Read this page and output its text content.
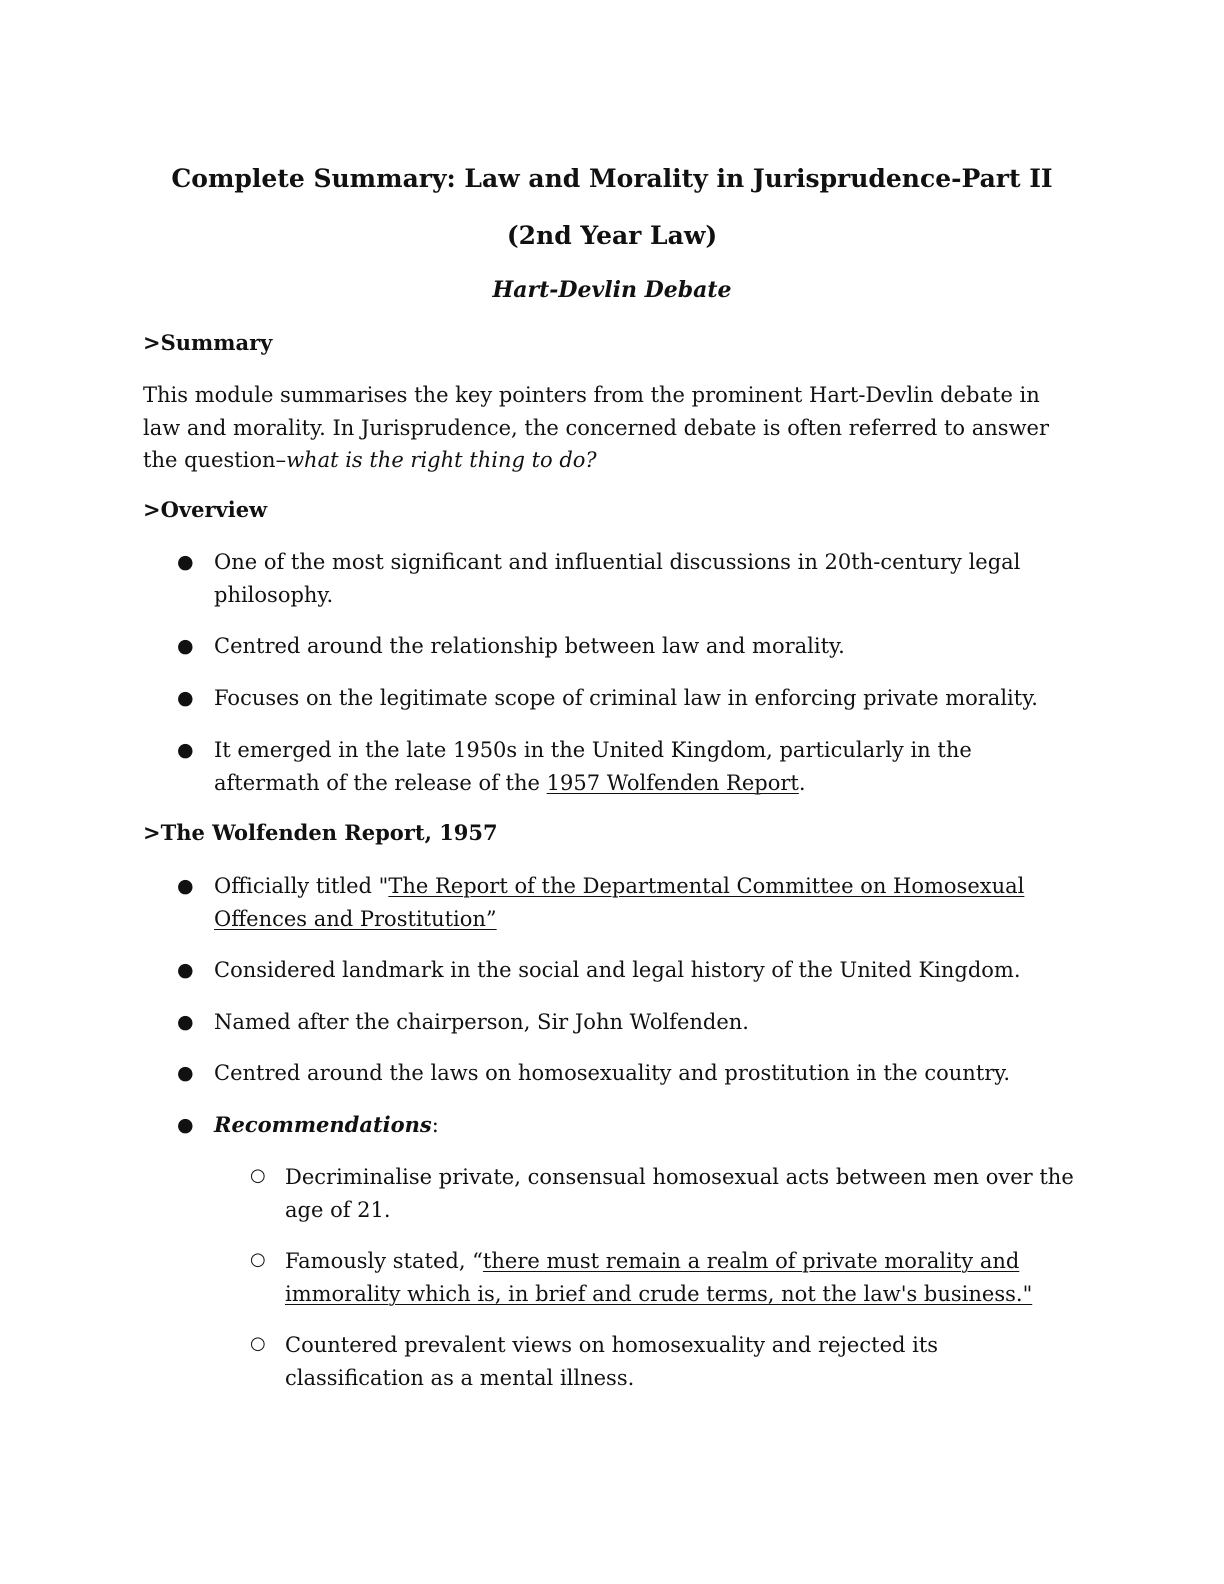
Complete Summary: Law and Morality in Jurisprudence-Part II
(2nd Year Law)
Hart-Devlin Debate

>Summary

This module summarises the key pointers from the prominent Hart-Devlin debate in law and morality. In Jurisprudence, the concerned debate is often referred to answer the question–what is the right thing to do?

>Overview

● One of the most significant and influential discussions in 20th-century legal philosophy.

● Centred around the relationship between law and morality.

● Focuses on the legitimate scope of criminal law in enforcing private morality.

● It emerged in the late 1950s in the United Kingdom, particularly in the aftermath of the release of the 1957 Wolfenden Report.

>The Wolfenden Report, 1957

● Officially titled "The Report of the Departmental Committee on Homosexual Offences and Prostitution”

● Considered landmark in the social and legal history of the United Kingdom.

● Named after the chairperson, Sir John Wolfenden.

● Centred around the laws on homosexuality and prostitution in the country.

● Recommendations:

○ Decriminalise private, consensual homosexual acts between men over the age of 21.

○ Famously stated, “there must remain a realm of private morality and immorality which is, in brief and crude terms, not the law's business."

○ Countered prevalent views on homosexuality and rejected its classification as a mental illness.
